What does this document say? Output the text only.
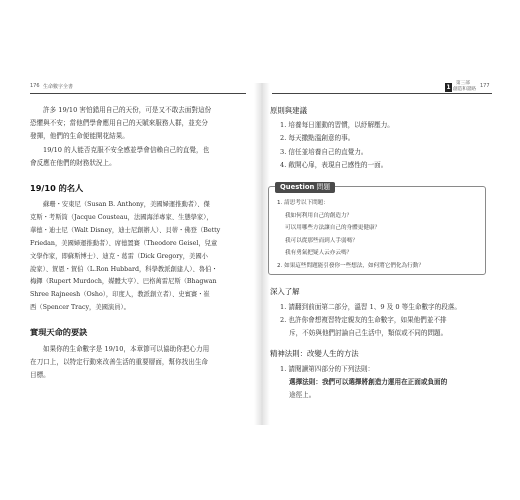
176 生命數字全書
許多 19/10 害怕錯用自己的天份，可是又不敢去面對這份
恐懼與不安；當他們學會應用自己的天賦來服務人群，並充分
發揮，他們的生命便能開花結果。
19/10 的人能否克服不安全感並學會信賴自己的直覺，也
會反應在他們的財務狀況上。
19/10 的名人
蘇珊・安東尼（Susan B. Anthony，美國婦運推動者）、傑
克斯・考斯筒（Jacque Cousteau，法國海洋專家、生態學家），
華德・迪士尼（Walt Disney，迪士尼創辦人）、貝蒂・佛登（Betty
Friedan，美國婦運推動者）、席德置賽（Theodore Geisel，兒童
文學作家，即蘇斯博士）、迪克・葛雷（Dick Gregory，美國小
說家）、賀恩・賀伯（L.Ron Hubbard，科學教派創建人）、魯伯・
梅鐸（Rupert Murdoch，媒體大亨）、巴格萬雷尼斯（Bhagwan
Shree Rajneesh（Osho），印度人，教派創立者）、史賓賽・崔
西（Spencer Tracy，美國演員）。
實現天命的要訣
如果你的生命數字是 19/10，本章節可以協助你把心力用
在刀口上，以特定行動來改善生活的重要層面，幫你找出生命
目標。
1
第三部
創造和諧路
177
原則與建議
1. 培養每日運動的習慣，以紓解壓力。
2. 每天撒點溫創意的事。
3. 信任並培養自己的直覺力。
4. 敞開心扉，表現自己感性的一面。
Question 問題
1. 請思考以下問題：
我如何利用自己的創造力？
可以用哪些方法讓自己的身體更健康？
我可以從那些而到人手弱嗎？
我有勇氣把疑人云亦云嗎？
2. 如果這些問題能引發你一些想法，如何將它們化為行動？
深入了解
1. 請翻到前面第二部分，溫習 1、9 及 0 等生命數字的段落。
2. 也許你會想複習特定親友的生命數字，如果他們並不排
斥，不妨與他們討論自己生活中，類似或不同的問題。
精神法則：改變人生的方法
1. 請閱讀第四部分的下列法則：
選擇法則：我們可以選擇將創造力運用在正面或負面的
途徑上。
